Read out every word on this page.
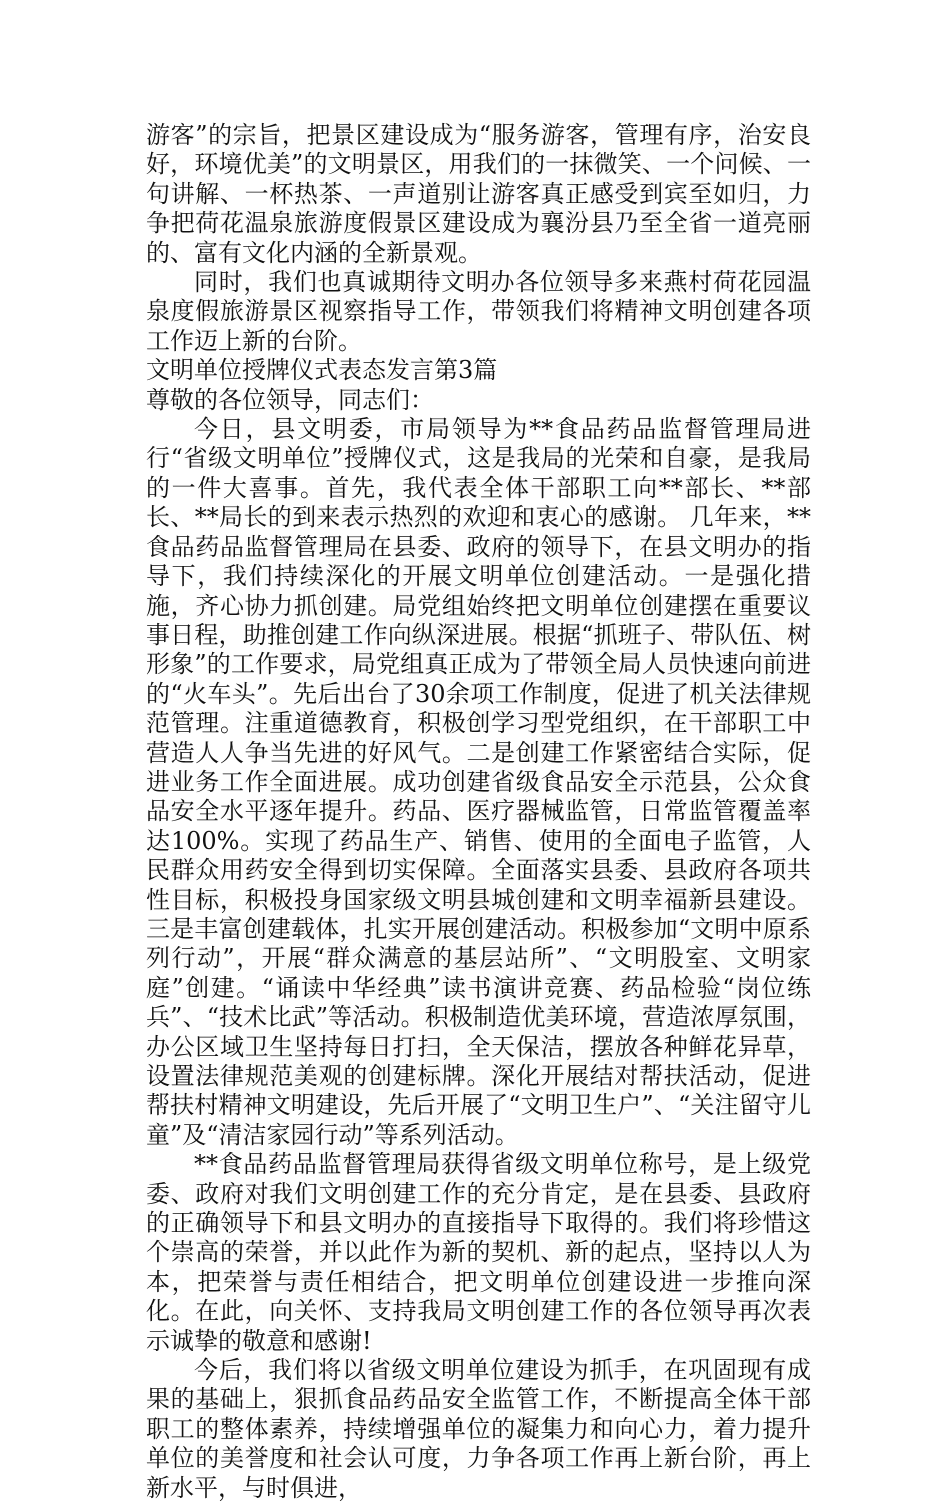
游客”的宗旨，把景区建设成为“服务游客，管理有序，治安良好，环境优美”的文明景区，用我们的一抹微笑、一个问候、一句讲解、一杯热茶、一声道别让游客真正感受到宾至如归，力争把荷花温泉旅游度假景区建设成为襄汾县乃至全省一道亮丽的、富有文化内涵的全新景观。

同时，我们也真诚期待文明办各位领导多来燕村荷花园温泉度假旅游景区视察指导工作，带领我们将精神文明创建各项工作迈上新的台阶。

文明单位授牌仪式表态发言第3篇

尊敬的各位领导，同志们：

今日，县文明委，市局领导为**食品药品监督管理局进行“省级文明单位”授牌仪式，这是我局的光荣和自豪，是我局的一件大喜事。首先，我代表全体干部职工向**部长、**部长、**局长的到来表示热烈的欢迎和衷心的感谢。 几年来，**食品药品监督管理局在县委、政府的领导下，在县文明办的指导下，我们持续深化的开展文明单位创建活动。一是强化措施，齐心协力抓创建。局党组始终把文明单位创建摆在重要议事日程，助推创建工作向纵深进展。根据“抓班子、带队伍、树形象”的工作要求，局党组真正成为了带领全局人员快速向前进的“火车头”。先后出台了30余项工作制度，促进了机关法律规范管理。注重道德教育，积极创学习型党组织，在干部职工中营造人人争当先进的好风气。二是创建工作紧密结合实际，促进业务工作全面进展。成功创建省级食品安全示范县，公众食品安全水平逐年提升。药品、医疗器械监管，日常监管覆盖率达100%。实现了药品生产、销售、使用的全面电子监管，人民群众用药安全得到切实保障。全面落实县委、县政府各项共性目标，积极投身国家级文明县城创建和文明幸福新县建设。三是丰富创建载体，扎实开展创建活动。积极参加“文明中原系列行动”，开展“群众满意的基层站所”、“文明股室、文明家庭”创建。“诵读中华经典”读书演讲竞赛、药品检验“岗位练兵”、“技术比武”等活动。积极制造优美环境，营造浓厚氛围，办公区域卫生坚持每日打扫，全天保洁，摆放各种鲜花异草，设置法律规范美观的创建标牌。深化开展结对帮扶活动，促进帮扶村精神文明建设，先后开展了“文明卫生户”、“关注留守儿童”及“清洁家园行动”等系列活动。

**食品药品监督管理局获得省级文明单位称号，是上级党委、政府对我们文明创建工作的充分肯定，是在县委、县政府的正确领导下和县文明办的直接指导下取得的。我们将珍惜这个崇高的荣誉，并以此作为新的契机、新的起点，坚持以人为本，把荣誉与责任相结合，把文明单位创建设进一步推向深化。在此，向关怀、支持我局文明创建工作的各位领导再次表示诚挚的敬意和感谢!

今后，我们将以省级文明单位建设为抓手，在巩固现有成果的基础上，狠抓食品药品安全监管工作，不断提高全体干部职工的整体素养，持续增强单位的凝集力和向心力，着力提升单位的美誉度和社会认可度，力争各项工作再上新台阶，再上新水平，与时俱进，
